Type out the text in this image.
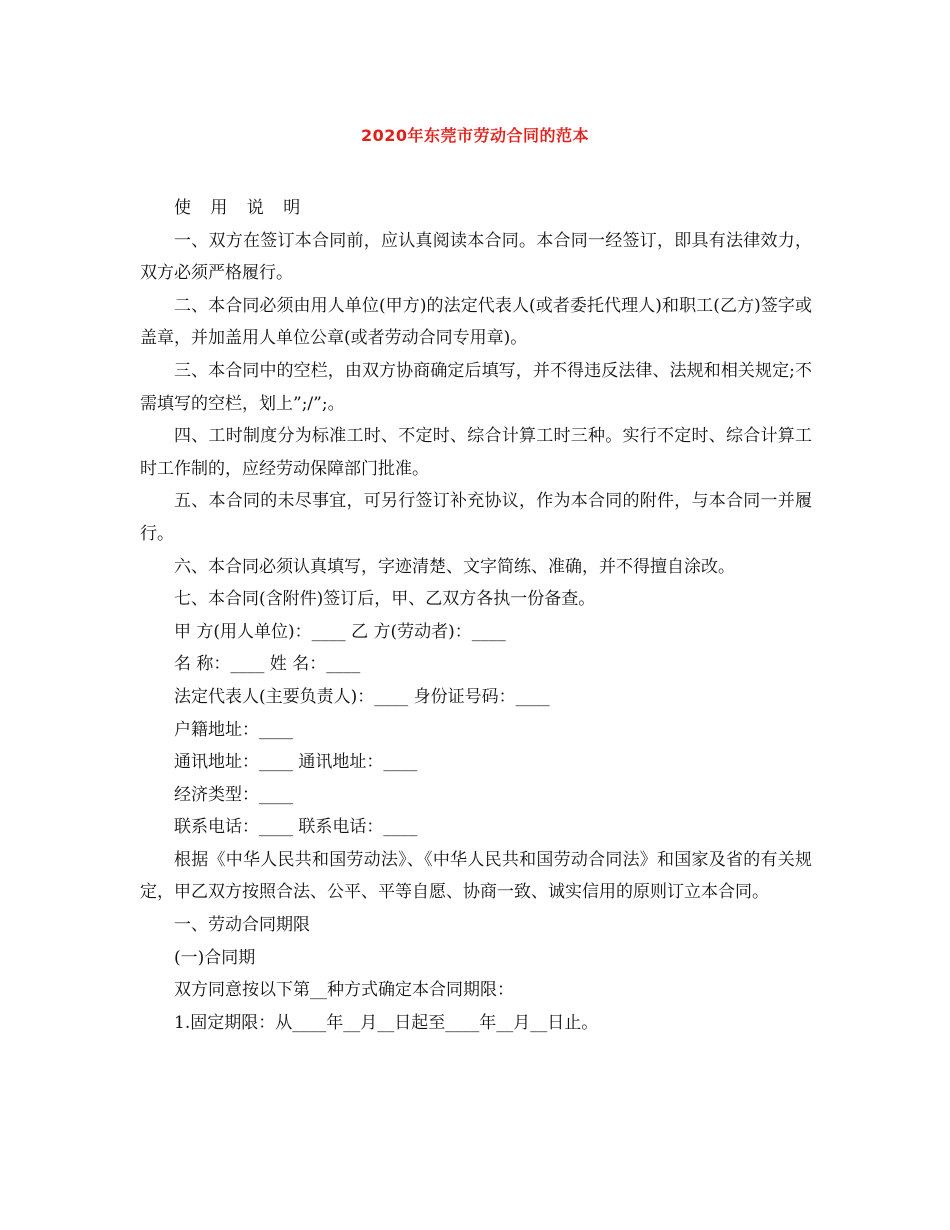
2020年东莞市劳动合同的范本

使 用 说 明

一、双方在签订本合同前，应认真阅读本合同。本合同一经签订，即具有法律效力，双方必须严格履行。

二、本合同必须由用人单位(甲方)的法定代表人(或者委托代理人)和职工(乙方)签字或盖章，并加盖用人单位公章(或者劳动合同专用章)。

三、本合同中的空栏，由双方协商确定后填写，并不得违反法律、法规和相关规定;不需填写的空栏，划上”;/”;。

四、工时制度分为标准工时、不定时、综合计算工时三种。实行不定时、综合计算工时工作制的，应经劳动保障部门批准。

五、本合同的未尽事宜，可另行签订补充协议，作为本合同的附件，与本合同一并履行。

六、本合同必须认真填写，字迹清楚、文字简练、准确，并不得擅自涂改。

七、本合同(含附件)签订后，甲、乙双方各执一份备查。

甲 方(用人单位)：____ 乙 方(劳动者)：____

名 称：____ 姓 名：____

法定代表人(主要负责人)：____ 身份证号码：____

户籍地址：____

通讯地址：____ 通讯地址：____

经济类型：____

联系电话：____ 联系电话：____

根据《中华人民共和国劳动法》、《中华人民共和国劳动合同法》和国家及省的有关规定，甲乙双方按照合法、公平、平等自愿、协商一致、诚实信用的原则订立本合同。

一、劳动合同期限

(一)合同期

双方同意按以下第__种方式确定本合同期限：

1.固定期限：从____年__月__日起至____年__月__日止。
